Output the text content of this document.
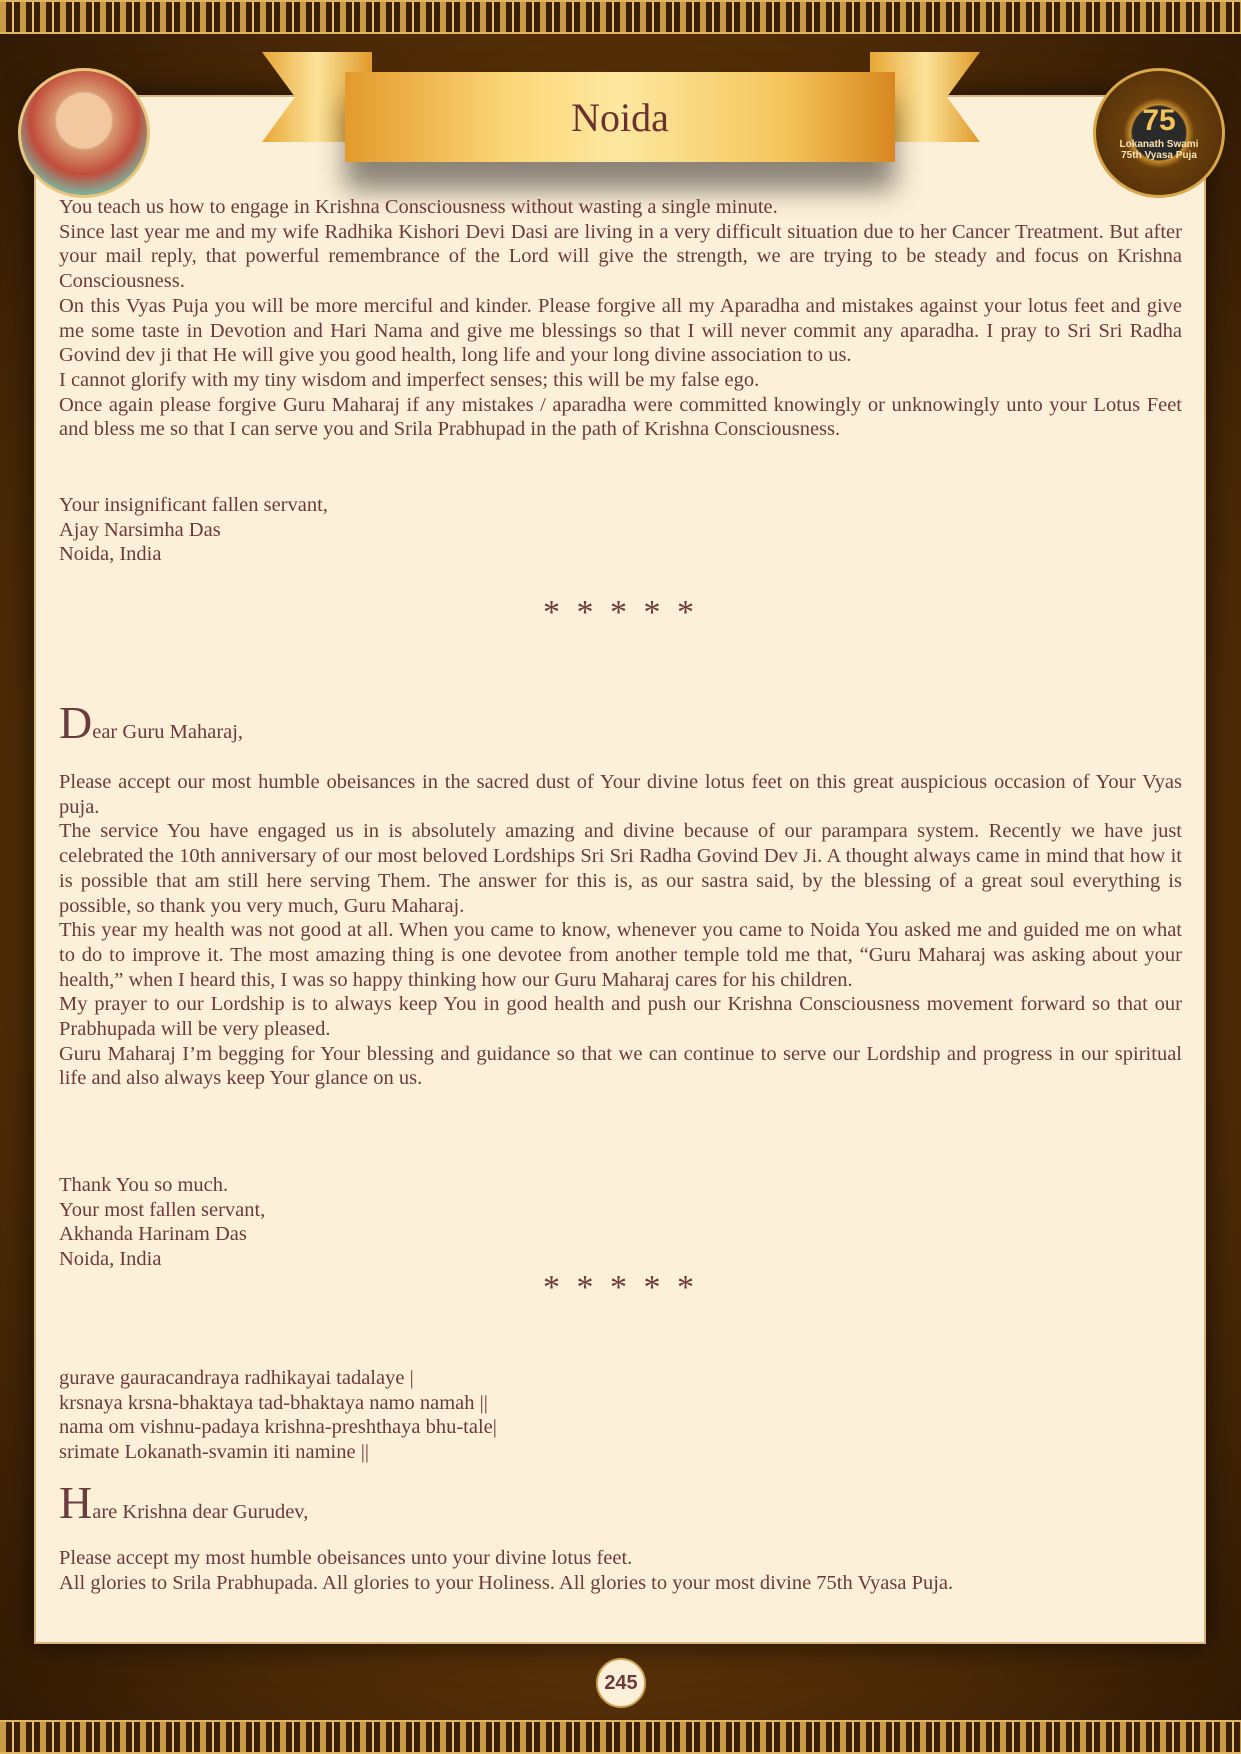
Noida	75
Lokanath Swami 75th Vyasa Puja

You teach us how to engage in Krishna Consciousness without wasting a single minute.

Since last year me and my wife Radhika Kishori Devi Dasi are living in a very difficult situation due to her Cancer Treatment. But after your mail reply, that powerful remembrance of the Lord will give the strength, we are trying to be steady and focus on Krishna Consciousness.

On this Vyas Puja you will be more merciful and kinder. Please forgive all my Aparadha and mistakes against your lotus feet and give me some taste in Devotion and Hari Nama and give me blessings so that I will never commit any aparadha. I pray to Sri Sri Radha Govind dev ji that He will give you good health, long life and your long divine association to us.

I cannot glorify with my tiny wisdom and imperfect senses; this will be my false ego.

Once again please forgive Guru Maharaj if any mistakes / aparadha were committed knowingly or unknowingly unto your Lotus Feet and bless me so that I can serve you and Srila Prabhupad in the path of Krishna Consciousness.

Your insignificant fallen servant,

Ajay Narsimha Das

Noida, India

* * * * *

Dear Guru Maharaj,

Please accept our most humble obeisances in the sacred dust of Your divine lotus feet on this great auspicious occasion of Your Vyas puja.

The service You have engaged us in is absolutely amazing and divine because of our parampara system. Recently we have just celebrated the 10th anniversary of our most beloved Lordships Sri Sri Radha Govind Dev Ji. A thought always came in mind that how it is possible that am still here serving Them. The answer for this is, as our sastra said, by the blessing of a great soul everything is possible, so thank you very much, Guru Maharaj.

This year my health was not good at all. When you came to know, whenever you came to Noida You asked me and guided me on what to do to improve it. The most amazing thing is one devotee from another temple told me that, “Guru Maharaj was asking about your health,” when I heard this, I was so happy thinking how our Guru Maharaj cares for his children.

My prayer to our Lordship is to always keep You in good health and push our Krishna Consciousness movement forward so that our Prabhupada will be very pleased.

Guru Maharaj I’m begging for Your blessing and guidance so that we can continue to serve our Lordship and progress in our spiritual life and also always keep Your glance on us.

Thank You so much.

Your most fallen servant,

Akhanda Harinam Das

Noida, India

* * * * *

gurave gauracandraya radhikayai tadalaye |

krsnaya krsna-bhaktaya tad-bhaktaya namo namah ||

nama om vishnu-padaya krishna-preshthaya bhu-tale|

srimate Lokanath-svamin iti namine ||

Hare Krishna dear Gurudev,

Please accept my most humble obeisances unto your divine lotus feet.

All glories to Srila Prabhupada. All glories to your Holiness. All glories to your most divine 75th Vyasa Puja.

245
